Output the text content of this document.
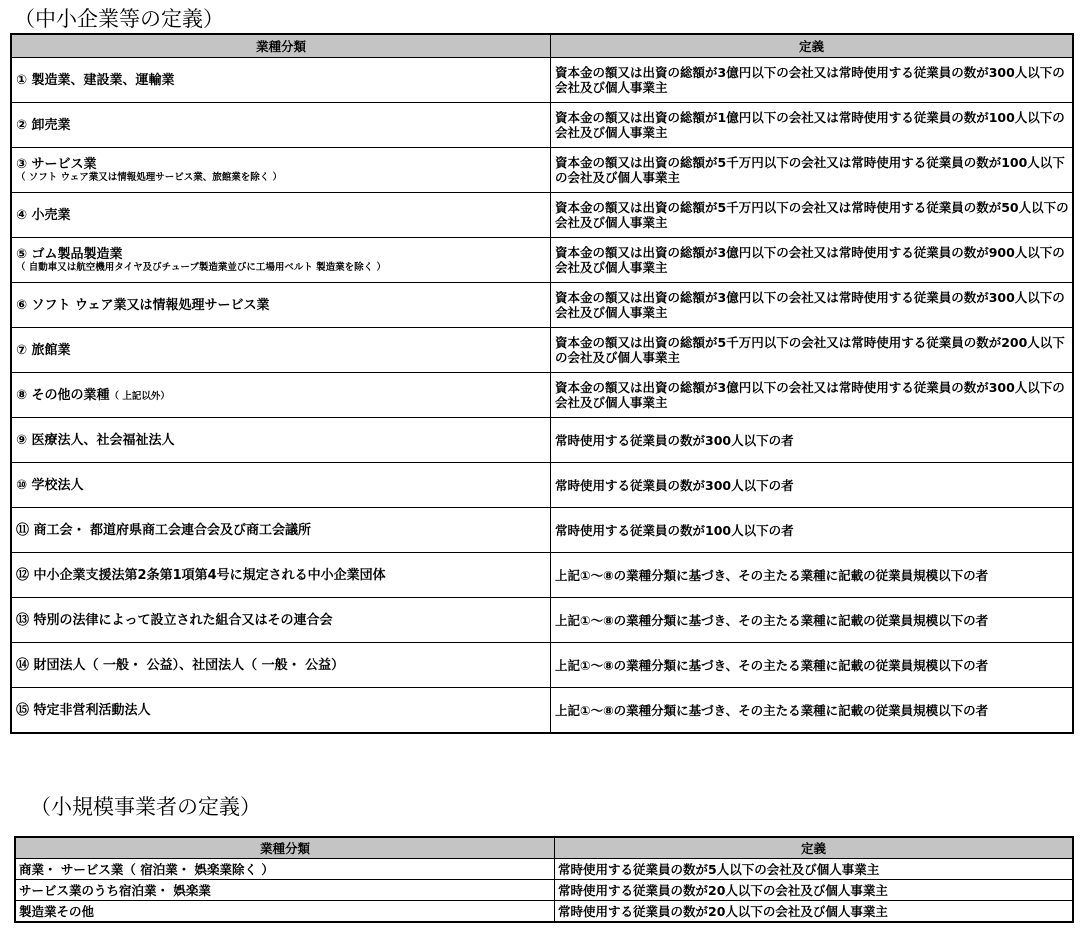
（中小企業等の定義）
業種分類	定義

① 製造業、建設業、運輸業	資本金の額又は出資の総額が3億円以下の会社又は常時使用する従業員の数が300人以下の会社及び個人事業主

② 卸売業	資本金の額又は出資の総額が1億円以下の会社又は常時使用する従業員の数が100人以下の会社及び個人事業主

③ サービス業
（ ソフト ウェア業又は情報処理サービス業、旅館業を除く ）	資本金の額又は出資の総額が5千万円以下の会社又は常時使用する従業員の数が100人以下の会社及び個人事業主

④ 小売業	資本金の額又は出資の総額が5千万円以下の会社又は常時使用する従業員の数が50人以下の会社及び個人事業主

⑤ ゴム製品製造業
（ 自動車又は航空機用タイヤ及びチューブ製造業並びに工場用ベルト 製造業を除く ）	資本金の額又は出資の総額が3億円以下の会社又は常時使用する従業員の数が900人以下の会社及び個人事業主

⑥ ソフト ウェア業又は情報処理サービス業	資本金の額又は出資の総額が3億円以下の会社又は常時使用する従業員の数が300人以下の会社及び個人事業主

⑦ 旅館業	資本金の額又は出資の総額が5千万円以下の会社又は常時使用する従業員の数が200人以下の会社及び個人事業主
⑧ その他の業種（ 上記以外）	資本金の額又は出資の総額が3億円以下の会社又は常時使用する従業員の数が300人以下の会社及び個人事業主

⑨ 医療法人、社会福祉法人	常時使用する従業員の数が300人以下の者

⑩ 学校法人	常時使用する従業員の数が300人以下の者

⑪ 商工会・ 都道府県商工会連合会及び商工会議所	常時使用する従業員の数が100人以下の者

⑫ 中小企業支援法第2条第1項第4号に規定される中小企業団体	上記①～⑧の業種分類に基づき、その主たる業種に記載の従業員規模以下の者

⑬ 特別の法律によって設立された組合又はその連合会	上記①～⑧の業種分類に基づき、その主たる業種に記載の従業員規模以下の者

⑭ 財団法人（ 一般・ 公益）、社団法人（ 一般・ 公益）	上記①～⑧の業種分類に基づき、その主たる業種に記載の従業員規模以下の者

⑮ 特定非営利活動法人	上記①～⑧の業種分類に基づき、その主たる業種に記載の従業員規模以下の者
（小規模事業者の定義）
業種分類	定義
商業・ サービス業（ 宿泊業・ 娯楽業除く ）	常時使用する従業員の数が5人以下の会社及び個人事業主
サービス業のうち宿泊業・ 娯楽業	常時使用する従業員の数が20人以下の会社及び個人事業主
製造業その他	常時使用する従業員の数が20人以下の会社及び個人事業主
